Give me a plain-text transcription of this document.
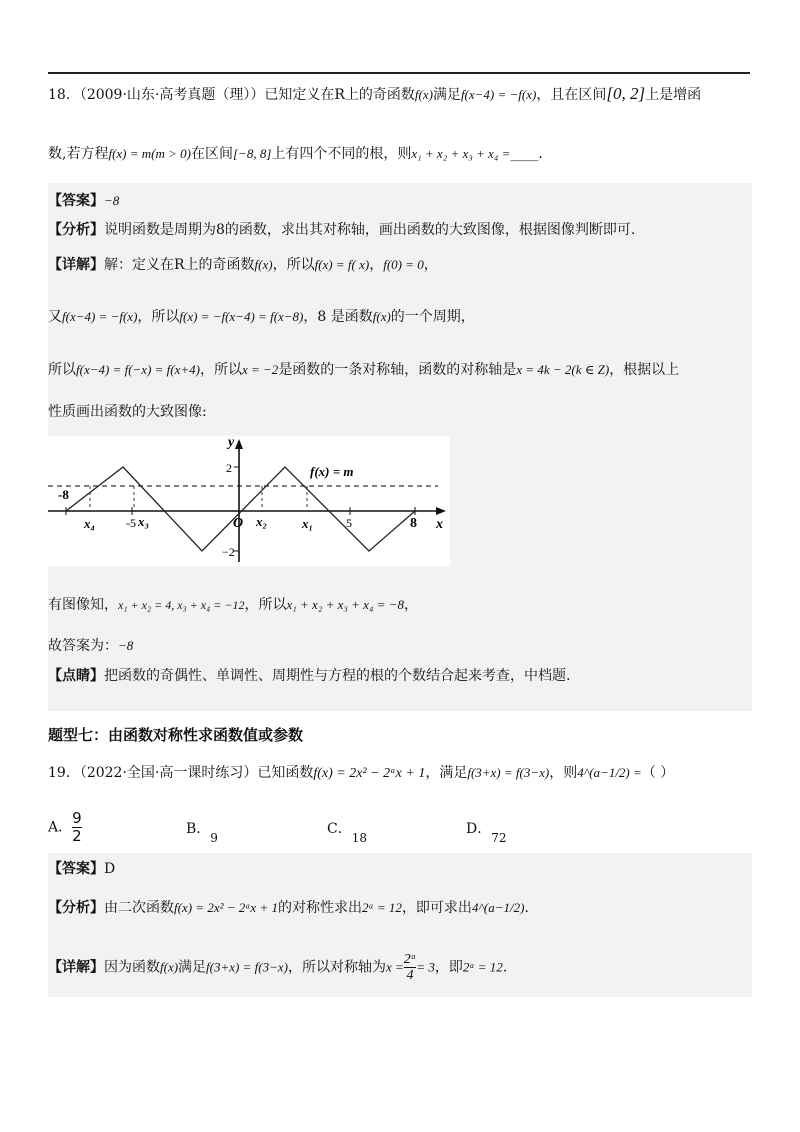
18．（2009·山东·高考真题（理））已知定义在R上的奇函数f(x)满足f(x−4) = −f(x)，且在区间[0, 2]上是增函
数,若方程f(x) = m(m > 0)在区间[−8, 8]上有四个不同的根，则x₁ + x₂ + x₃ + x₄ =____.
【答案】−8
【分析】说明函数是周期为8的函数，求出其对称轴，画出函数的大致图像，根据图像判断即可.
【详解】解：定义在R上的奇函数f(x)，所以f(x) = f( x)，f(0) = 0，
又f(x−4) = −f(x)，所以f(x) = −f(x−4) = f(x−8)，8 是函数f(x)的一个周期，
所以f(x−4) = f(−x) = f(x+4)，所以x = −2是函数的一条对称轴，函数的对称轴是x = 4k − 2(k ∈ Z)，根据以上
性质画出函数的大致图像:
y
x
2
−2
O
f(x) = m
-8
-5	5	8
x₄	x₃	x₂	x₁
有图像知，x₁ + x₂ = 4, x₃ + x₄ = −12，所以x₁ + x₂ + x₃ + x₄ = −8，
故答案为：−8
【点睛】把函数的奇偶性、单调性、周期性与方程的根的个数结合起来考查，中档题.
题型七：由函数对称性求函数值或参数
19．（2022·全国·高一课时练习）已知函数f(x) = 2x² − 2ᵃx + 1，满足f(3+x) = f(3−x)，则4^(a−1/2) =（ ）
A． $\frac{9}{2}$	B．9
C．18
D．72
【答案】D
【分析】由二次函数f(x) = 2x² − 2ᵃx + 1的对称性求出2ᵃ = 12，即可求出4^(a−1/2).
【详解】因为函数f(x)满足f(3+x) = f(3−x)，所以对称轴为$x = \frac{\text{2ᵃ}}{4} = 3$，即2ᵃ = 12.
